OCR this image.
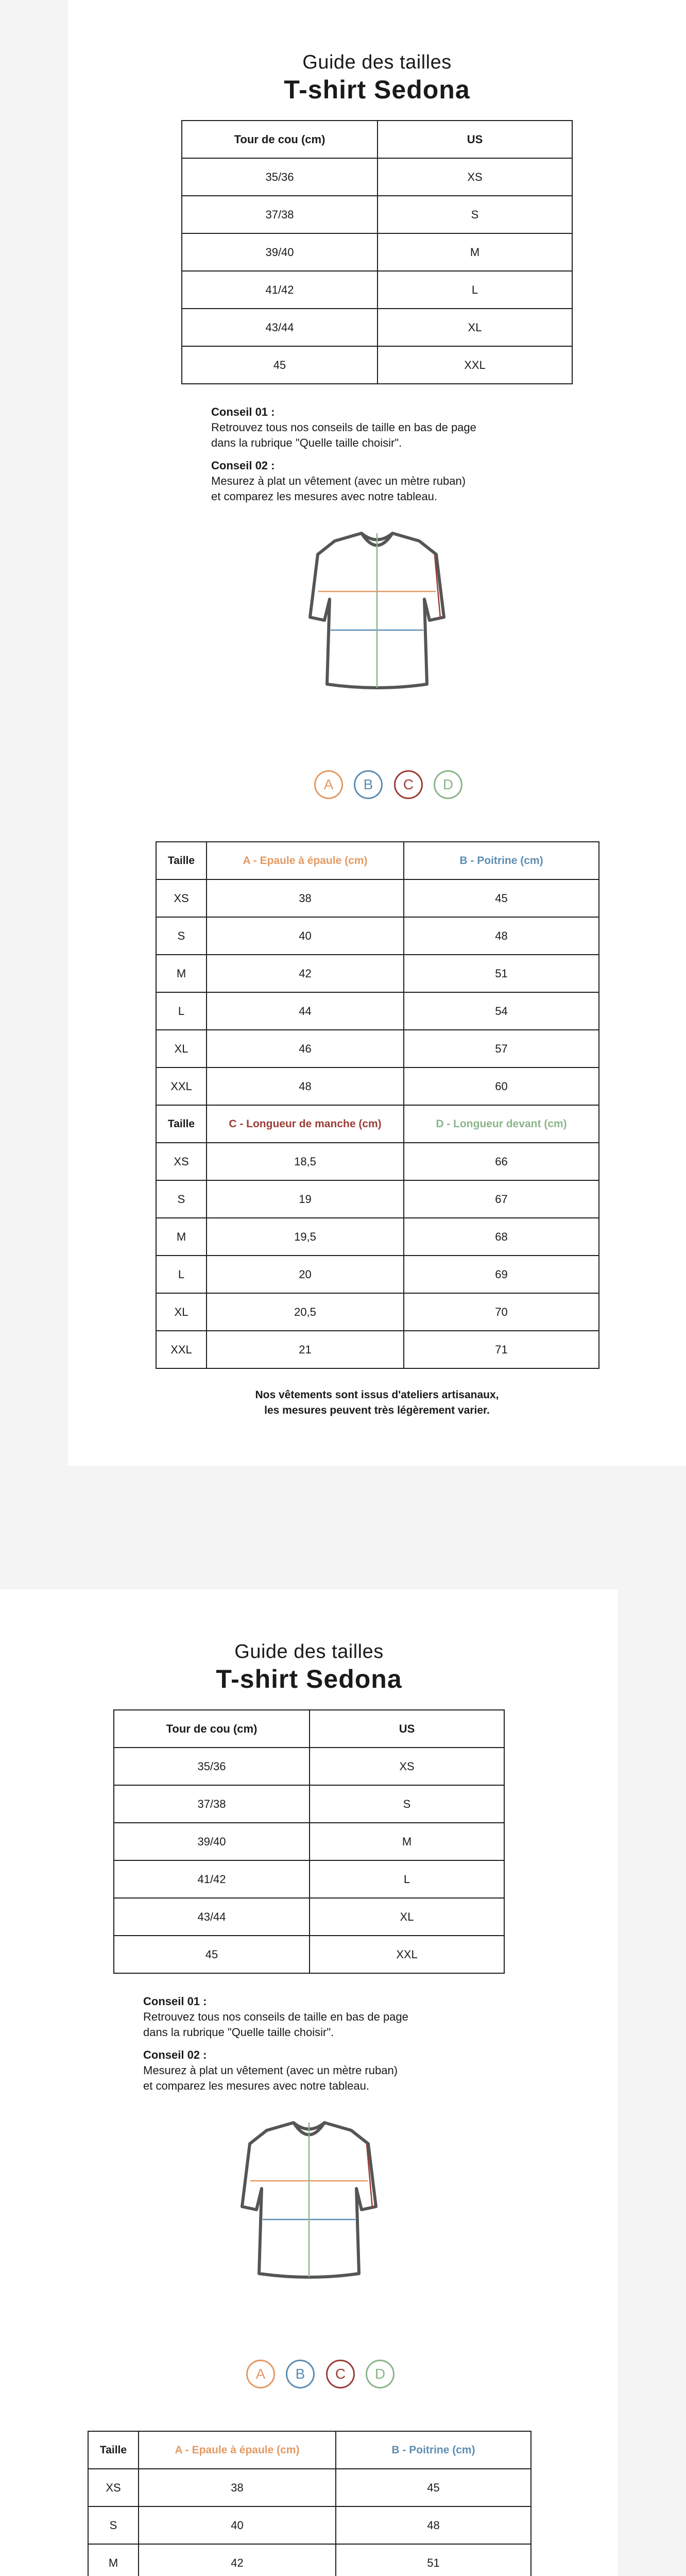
Guide des tailles
T-shirt Sedona
Tour de cou (cm)	US
35/36	XS
37/38	S
39/40	M
41/42	L
43/44	XL
45	XXL
Conseil 01 :
Retrouvez tous nos conseils de taille en bas de page
dans la rubrique "Quelle taille choisir".
Conseil 02 :
Mesurez à plat un vêtement (avec un mètre ruban)
et comparez les mesures avec notre tableau.
A	B	C	D
Taille	A - Epaule à épaule (cm)	B - Poitrine (cm)
XS	38	45
S	40	48
M	42	51
L	44	54
XL	46	57
XXL	48	60
Taille	C - Longueur de manche (cm)	D - Longueur devant (cm)
XS	18,5	66
S	19	67
M	19,5	68
L	20	69
XL	20,5	70
XXL	21	71

Nos vêtements sont issus d'ateliers artisanaux,
les mesures peuvent très légèrement varier.

Guide des tailles
T-shirt Sedona
Tour de cou (cm)	US
35/36	XS
37/38	S
39/40	M
41/42	L
43/44	XL
45	XXL
Conseil 01 :
Retrouvez tous nos conseils de taille en bas de page
dans la rubrique "Quelle taille choisir".
Conseil 02 :
Mesurez à plat un vêtement (avec un mètre ruban)
et comparez les mesures avec notre tableau.
A	B	C	D
Taille	A - Epaule à épaule (cm)	B - Poitrine (cm)
XS	38	45
S	40	48
M	42	51
